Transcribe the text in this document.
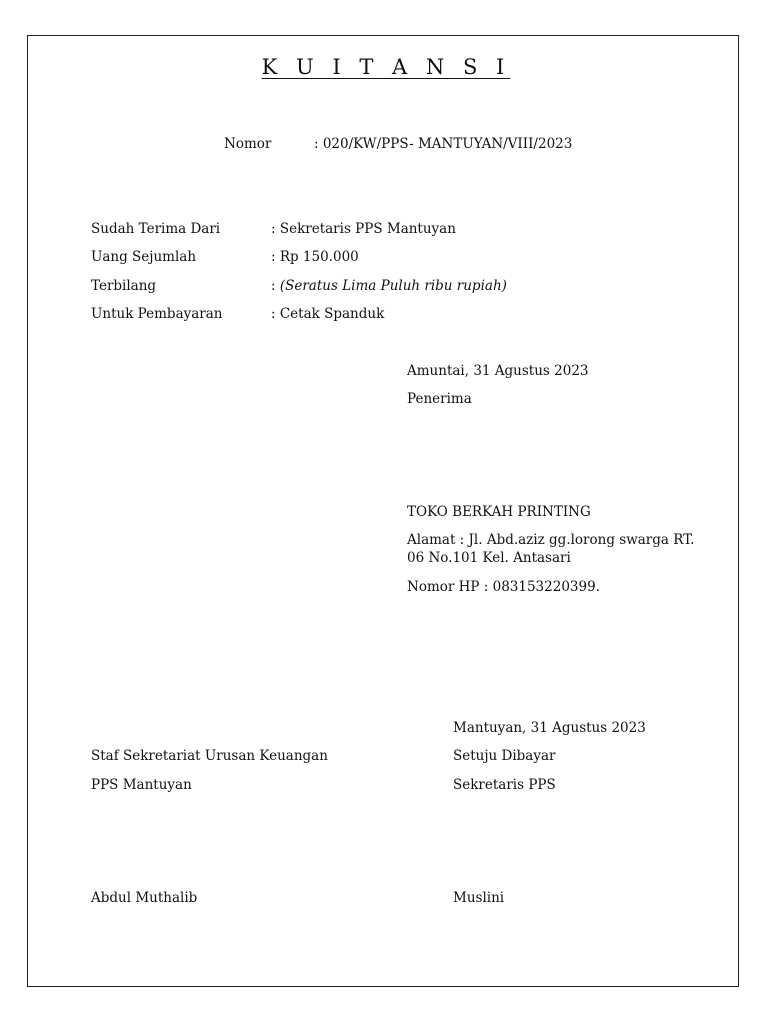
K U I T A N S I
Nomor	: 020/KW/PPS- MANTUYAN/VIII/2023
Sudah Terima Dari	: Sekretaris PPS Mantuyan
Uang Sejumlah	: Rp 150.000
Terbilang	: (Seratus Lima Puluh ribu rupiah)
Untuk Pembayaran	: Cetak Spanduk
Amuntai, 31 Agustus 2023
Penerima
TOKO BERKAH PRINTING
Alamat : Jl. Abd.aziz gg.lorong swarga RT. 06 No.101 Kel. Antasari
Nomor HP : 083153220399.
Mantuyan, 31 Agustus 2023
Staf Sekretariat Urusan Keuangan
PPS Mantuyan
Abdul Muthalib
Setuju Dibayar
Sekretaris PPS
Muslini
